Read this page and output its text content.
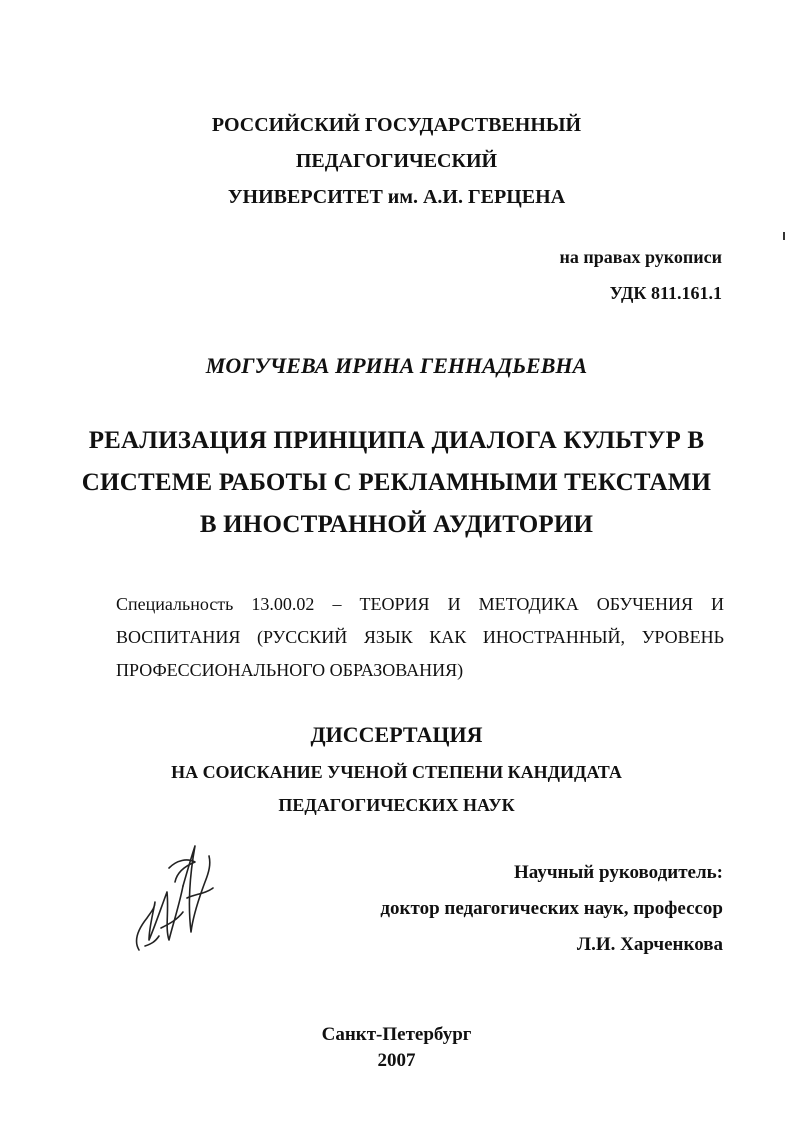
РОССИЙСКИЙ ГОСУДАРСТВЕННЫЙ
ПЕДАГОГИЧЕСКИЙ
УНИВЕРСИТЕТ им. А.И. ГЕРЦЕНА
на правах рукописи
УДК 811.161.1
МОГУЧЕВА ИРИНА ГЕННАДЬЕВНА
РЕАЛИЗАЦИЯ ПРИНЦИПА ДИАЛОГА КУЛЬТУР В
СИСТЕМЕ РАБОТЫ С РЕКЛАМНЫМИ ТЕКСТАМИ
В ИНОСТРАННОЙ АУДИТОРИИ
Специальность 13.00.02 – ТЕОРИЯ И МЕТОДИКА ОБУЧЕНИЯ И ВОСПИТАНИЯ (РУССКИЙ ЯЗЫК КАК ИНОСТРАННЫЙ, УРОВЕНЬ ПРОФЕССИОНАЛЬНОГО ОБРАЗОВАНИЯ)
ДИССЕРТАЦИЯ
НА СОИСКАНИЕ УЧЕНОЙ СТЕПЕНИ КАНДИДАТА
ПЕДАГОГИЧЕСКИХ НАУК
Научный руководитель:
доктор педагогических наук, профессор
Л.И. Харченкова
Санкт-Петербург
2007
